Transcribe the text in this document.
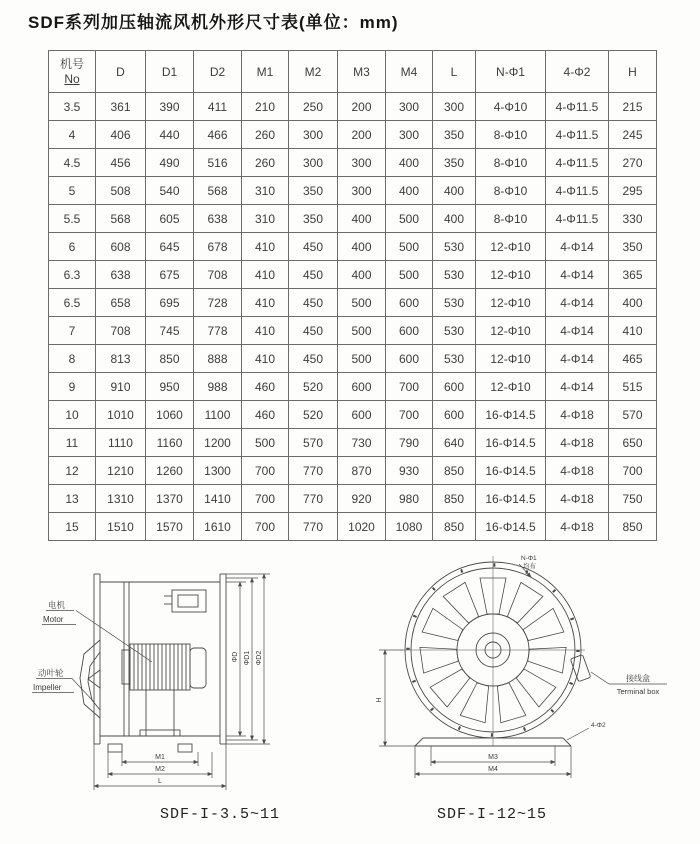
SDF系列加压轴流风机外形尺寸表(单位：mm)
机号
No	D	D1	D2	M1	M2	M3	M4	L	N-Φ1	4-Φ2	H
3.5	361	390	411	210	250	200	300	300	4-Φ10	4-Φ11.5	215
4	406	440	466	260	300	200	300	350	8-Φ10	4-Φ11.5	245
4.5	456	490	516	260	300	300	400	350	8-Φ10	4-Φ11.5	270
5	508	540	568	310	350	300	400	400	8-Φ10	4-Φ11.5	295
5.5	568	605	638	310	350	400	500	400	8-Φ10	4-Φ11.5	330
6	608	645	678	410	450	400	500	530	12-Φ10	4-Φ14	350
6.3	638	675	708	410	450	400	500	530	12-Φ10	4-Φ14	365
6.5	658	695	728	410	450	500	600	530	12-Φ10	4-Φ14	400
7	708	745	778	410	450	500	600	530	12-Φ10	4-Φ14	410
8	813	850	888	410	450	500	600	530	12-Φ10	4-Φ14	465
9	910	950	988	460	520	600	700	600	12-Φ10	4-Φ14	515
10	1010	1060	1100	460	520	600	700	600	16-Φ14.5	4-Φ18	570
11	1110	1160	1200	500	570	730	790	640	16-Φ14.5	4-Φ18	650
12	1210	1260	1300	700	770	870	930	850	16-Φ14.5	4-Φ18	700
13	1310	1370	1410	700	770	920	980	850	16-Φ14.5	4-Φ18	750
15	1510	1570	1610	700	770	1020	1080	850	16-Φ14.5	4-Φ18	850
电机
Motor
动叶轮
Impeller
ΦD ΦD1 ΦD2
M1
M2
L
N-Φ1
均布
接线盒
Terminal box
4-Φ2
H
M3
M4
SDF-I-3.5~11	SDF-I-12~15
